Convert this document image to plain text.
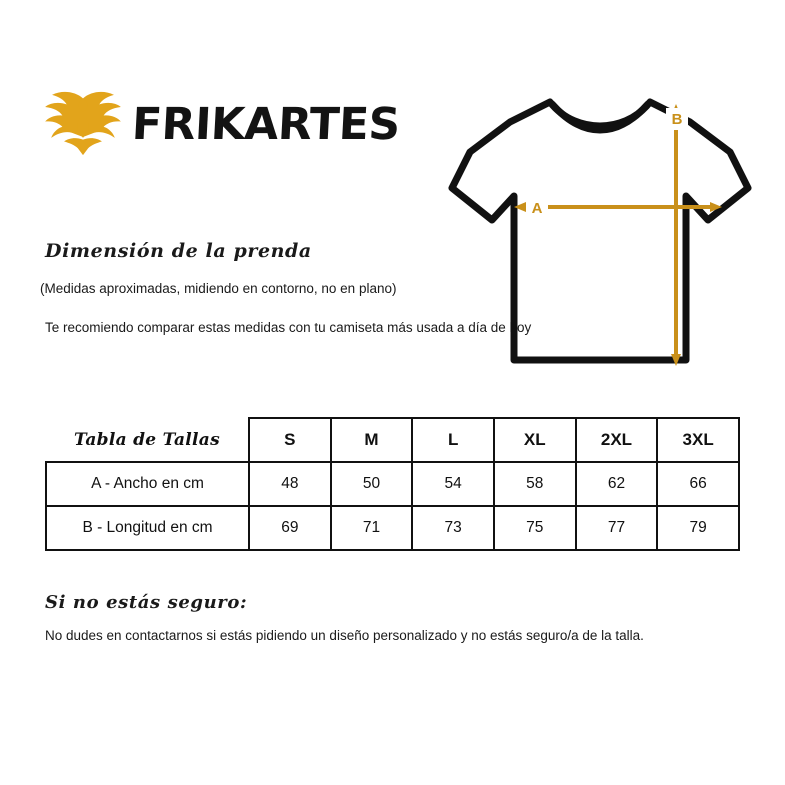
FRIKARTES
Dimensión de la prenda
(Medidas aproximadas, midiendo en contorno, no en plano)
Te recomiendo comparar estas medidas con tu camiseta más usada a día de hoy
A
B
Tabla de Tallas	S	M	L	XL	2XL	3XL
A - Ancho en cm	48	50	54	58	62	66
B - Longitud en cm	69	71	73	75	77	79
Si no estás seguro:
No dudes en contactarnos si estás pidiendo un diseño personalizado y no estás seguro/a de la talla.
